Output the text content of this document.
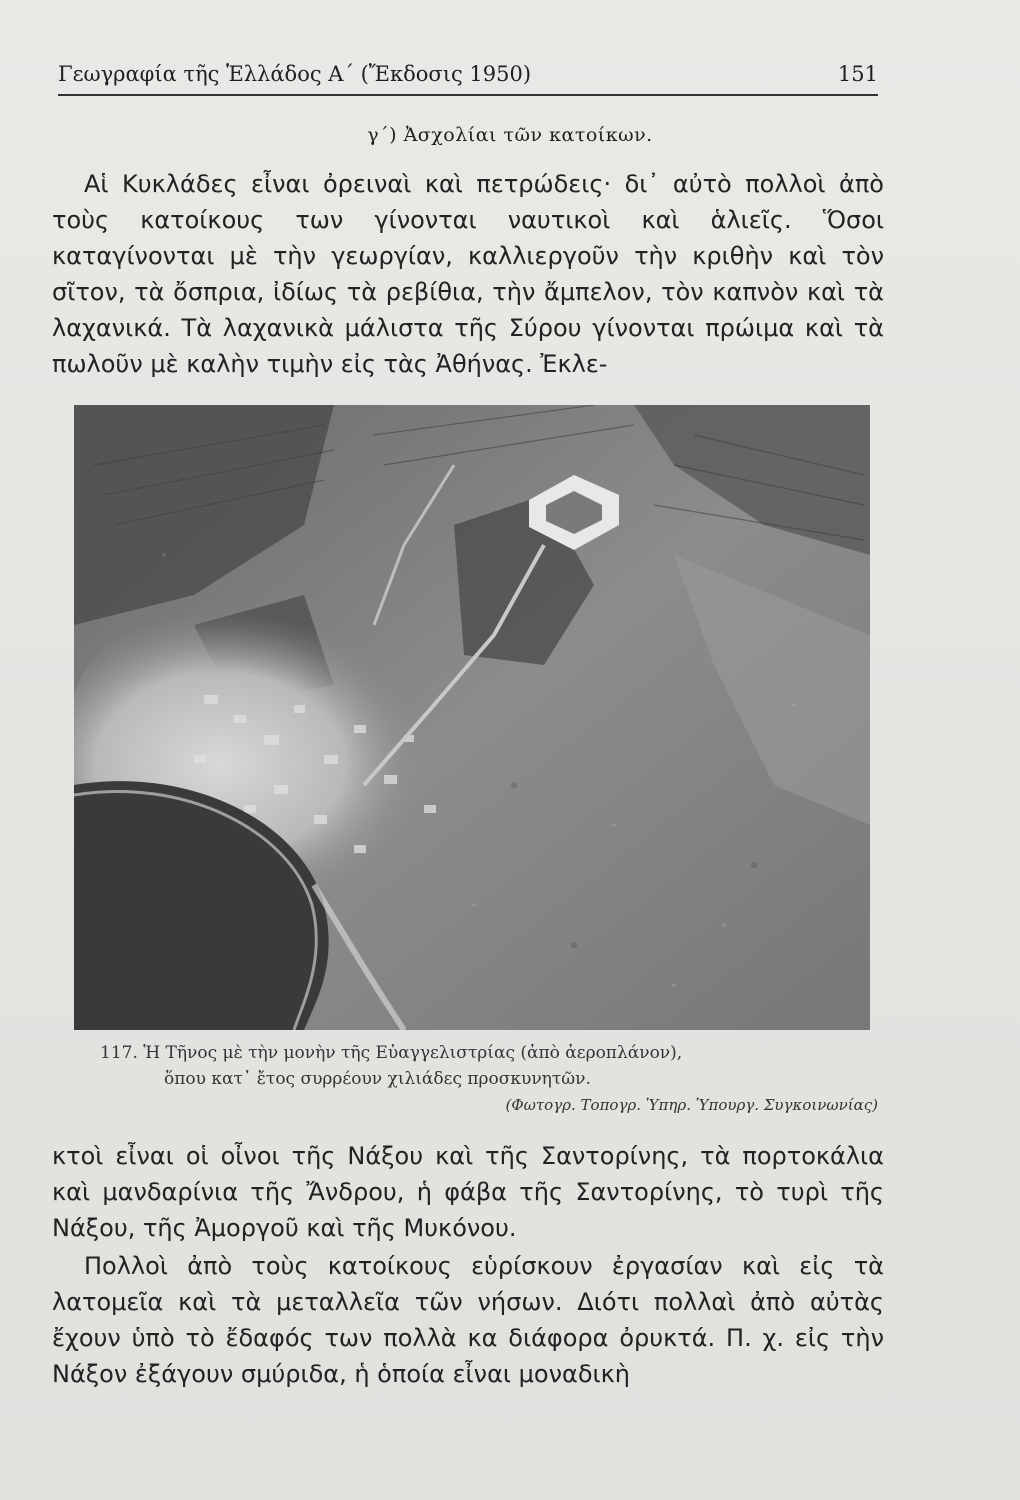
Γεωγραφία τῆς Ἑλλάδος Α΄ (Ἔκδοσις 1950)	151
γ΄) Ἀσχολίαι τῶν κατοίκων.

Αἱ Κυκλάδες εἶναι ὀρειναὶ καὶ πετρώδεις· δι᾽ αὐτὸ πολλοὶ ἀπὸ τοὺς κατοίκους των γίνονται ναυτικοὶ καὶ ἁλιεῖς. Ὅσοι καταγίνονται μὲ τὴν γεωργίαν, καλλιεργοῦν τὴν κριθὴν καὶ τὸν σῖτον, τὰ ὄσπρια, ἰδίως τὰ ρεβίθια, τὴν ἄμπελον, τὸν καπνὸν καὶ τὰ λαχανικά. Τὰ λαχανικὰ μάλιστα τῆς Σύρου γίνονται πρώιμα καὶ τὰ πωλοῦν μὲ καλὴν τιμὴν εἰς τὰς Ἀθήνας. Ἐκλε-

117. Ἡ Τῆνος μὲ τὴν μονὴν τῆς Εὐαγγελιστρίας (ἀπὸ ἀεροπλάνον),
ὅπου κατ᾽ ἔτος συρρέουν χιλιάδες προσκυνητῶν.
(Φωτογρ. Τοπογρ. Ὑπηρ. Ὑπουργ. Συγκοινωνίας)

κτοὶ εἶναι οἱ οἶνοι τῆς Νάξου καὶ τῆς Σαντορίνης, τὰ πορτοκάλια καὶ μανδαρίνια τῆς Ἄνδρου, ἡ φάβα τῆς Σαντορίνης, τὸ τυρὶ τῆς Νάξου, τῆς Ἀμοργοῦ καὶ τῆς Μυκόνου.

Πολλοὶ ἀπὸ τοὺς κατοίκους εὑρίσκουν ἐργασίαν καὶ εἰς τὰ λατομεῖα καὶ τὰ μεταλλεῖα τῶν νήσων. Διότι πολλαὶ ἀπὸ αὐτὰς ἔχουν ὑπὸ τὸ ἔδαφός των πολλὰ κα διάφορα ὀρυκτά. Π. χ. εἰς τὴν Νάξον ἐξάγουν σμύριδα, ἡ ὁποία εἶναι μοναδικὴ
